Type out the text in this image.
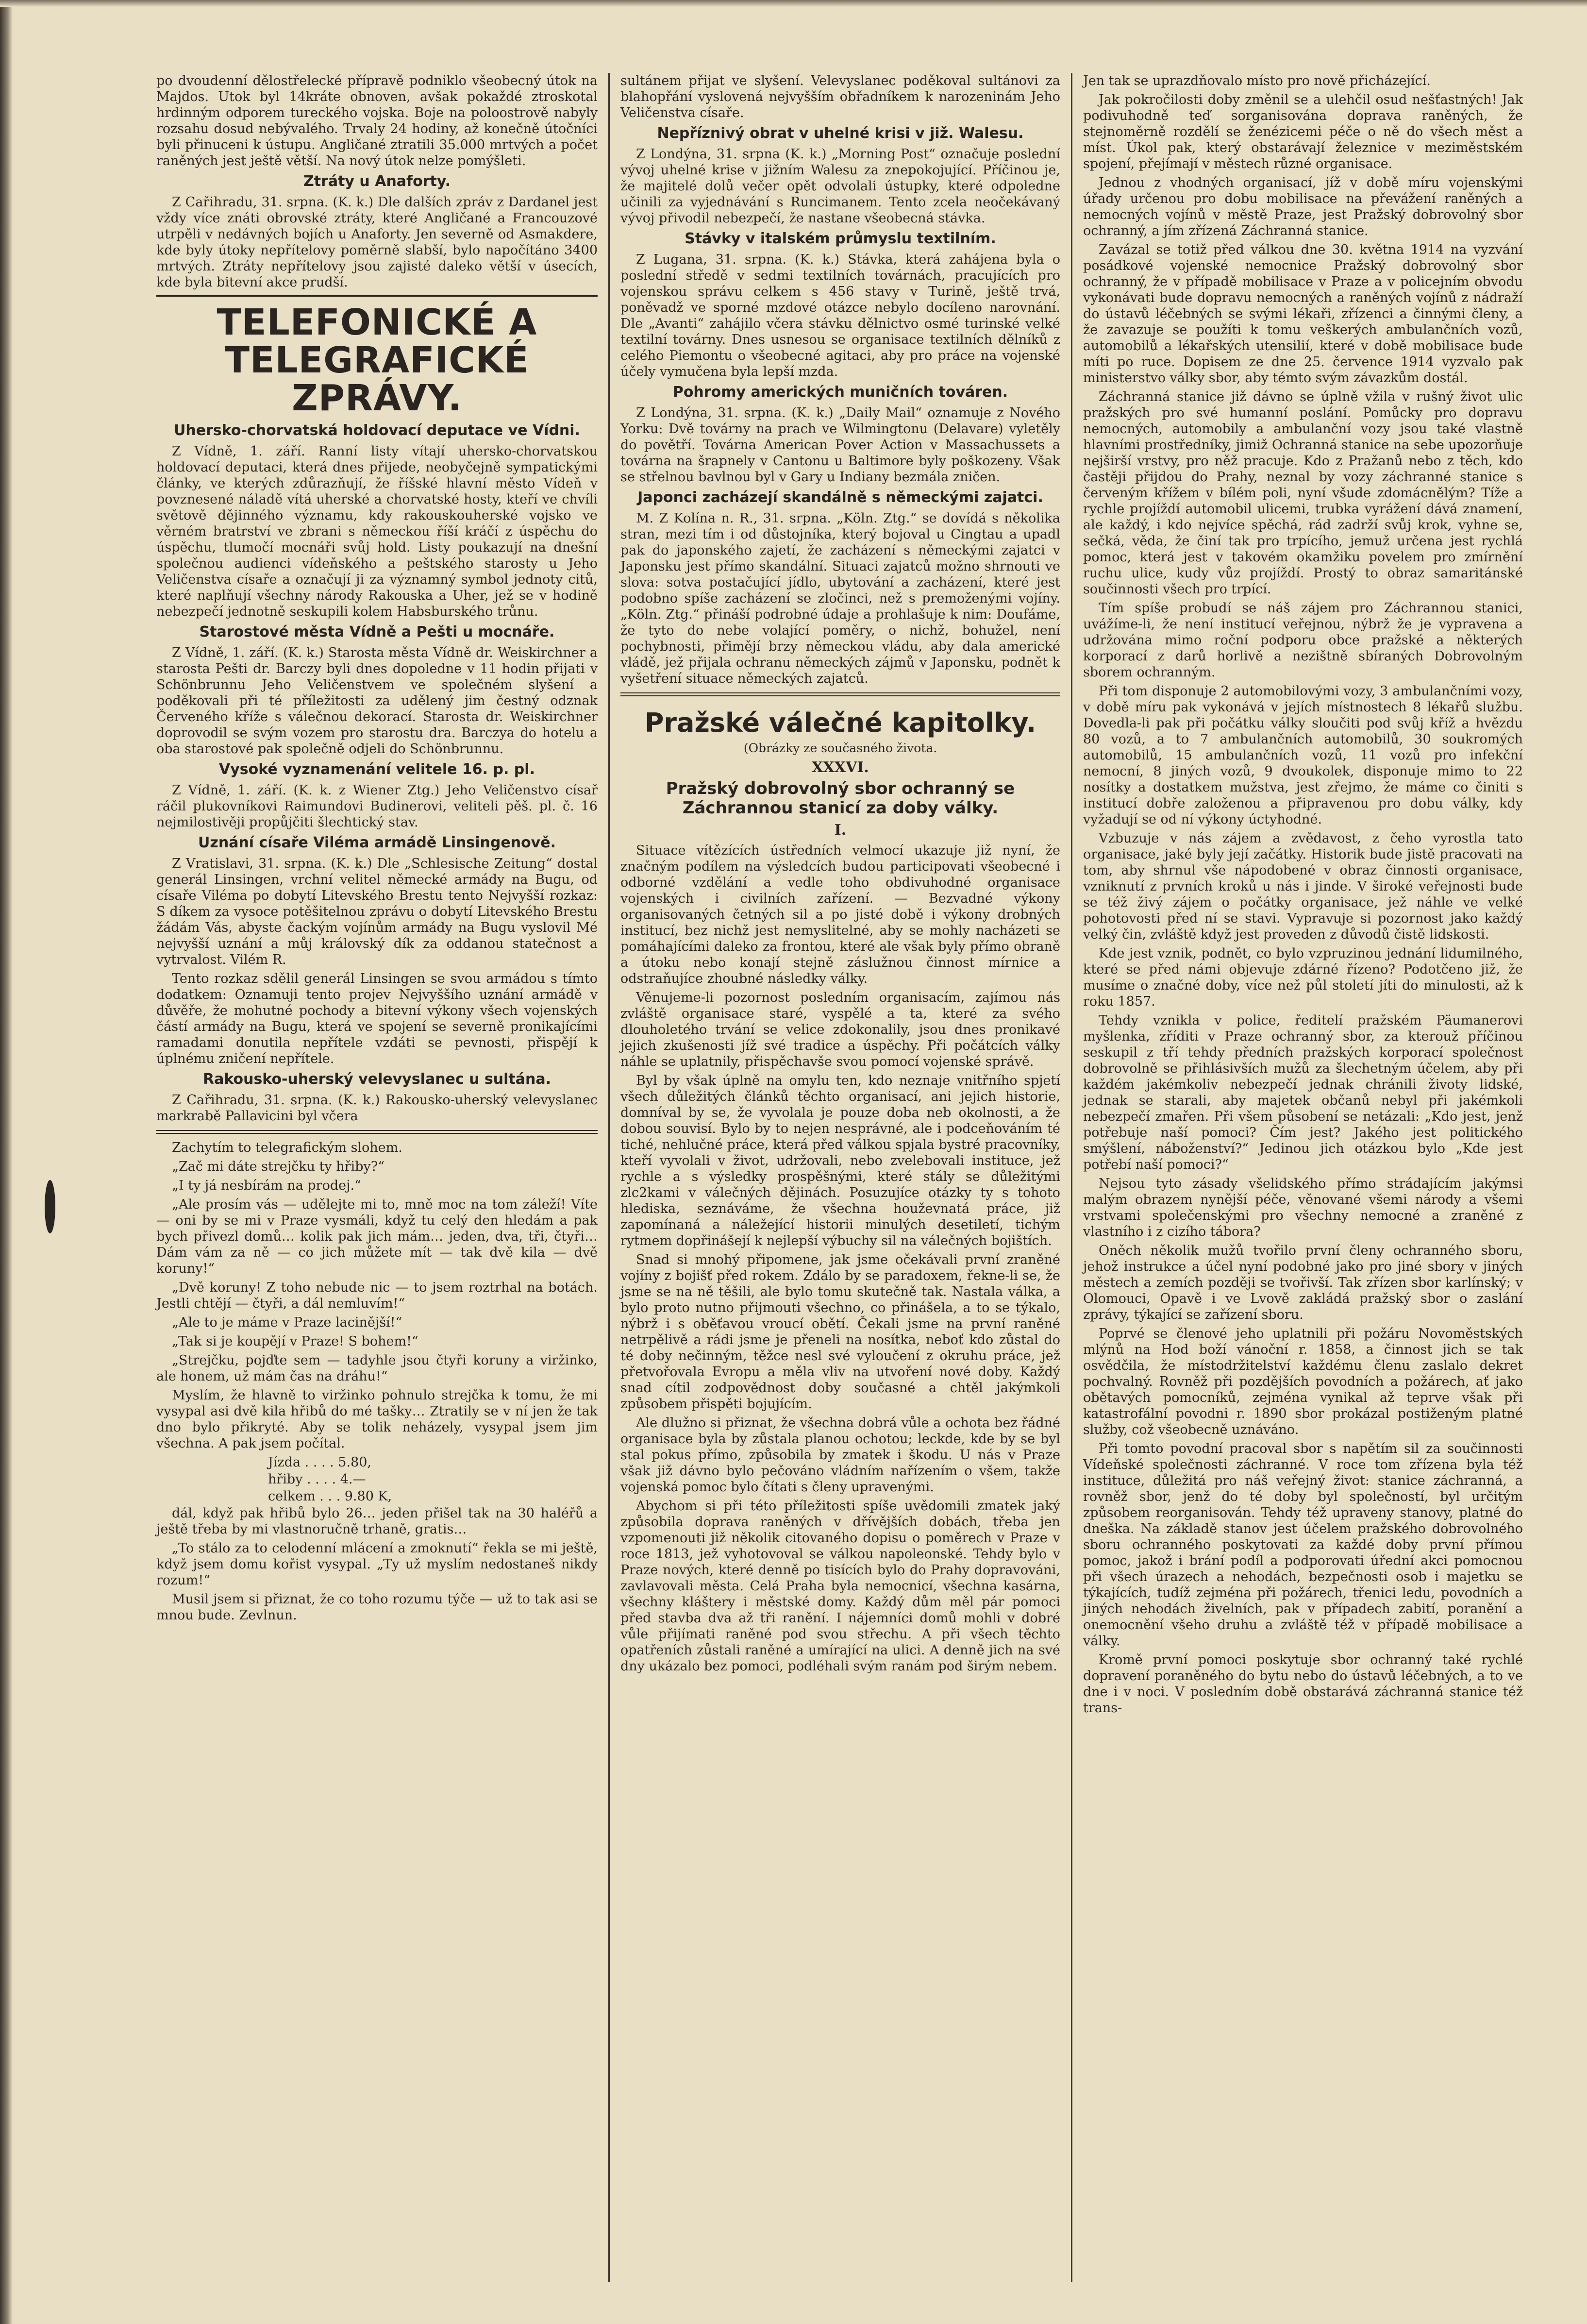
po dvoudenní dělostřelecké přípravě podniklo všeobecný útok na Majdos. Utok byl 14kráte obnoven, avšak pokaždé ztroskotal hrdinným odporem tureckého vojska. Boje na poloostrově nabyly rozsahu dosud nebývalého. Trvaly 24 hodiny, až konečně útočníci byli přinuceni k ústupu. Angličané ztratili 35.000 mrtvých a počet raněných jest ještě větší. Na nový útok nelze pomýšleti.

Ztráty u Anaforty.

Z Cařihradu, 31. srpna. (K. k.) Dle dalších zpráv z Dardanel jest vždy více znáti obrovské ztráty, které Angličané a Francouzové utrpěli v nedávných bojích u Anaforty. Jen severně od Asmakdere, kde byly útoky nepřítelovy poměrně slabší, bylo napočítáno 3400 mrtvých. Ztráty nepřítelovy jsou zajisté daleko větší v úsecích, kde byla bitevní akce prudší.

TELEFONICKÉ A TELEGRAFICKÉ ZPRÁVY.
Uhersko-chorvatská holdovací deputace ve Vídni.

Z Vídně, 1. září. Ranní listy vítají uhersko-chorvatskou holdovací deputaci, která dnes přijede, neobyčejně sympatickými články, ve kterých zdůrazňují, že říšské hlavní město Vídeň v povznesené náladě vítá uherské a chorvatské hosty, kteří ve chvíli světově dějinného významu, kdy rakouskouherské vojsko ve věrném bratrství ve zbrani s německou říší kráčí z úspěchu do úspěchu, tlumočí mocnáři svůj hold. Listy poukazují na dnešní společnou audienci vídeňského a peštského starosty u Jeho Veličenstva císaře a označují ji za významný symbol jednoty citů, které naplňují všechny národy Rakouska a Uher, jež se v hodině nebezpečí jednotně seskupili kolem Habsburského trůnu.

Starostové města Vídně a Pešti u mocnáře.

Z Vídně, 1. září. (K. k.) Starosta města Vídně dr. Weiskirchner a starosta Pešti dr. Barczy byli dnes dopoledne v 11 hodin přijati v Schönbrunnu Jeho Veličenstvem ve společném slyšení a poděkovali při té příležitosti za udělený jim čestný odznak Červeného kříže s válečnou dekorací. Starosta dr. Weiskirchner doprovodil se svým vozem pro starostu dra. Barczya do hotelu a oba starostové pak společně odjeli do Schönbrunnu.

Vysoké vyznamenání velitele 16. p. pl.

Z Vídně, 1. září. (K. k. z Wiener Ztg.) Jeho Veličenstvo císař ráčil plukovníkovi Raimundovi Budinerovi, veliteli pěš. pl. č. 16 nejmilostivěji propůjčiti šlechtický stav.

Uznání císaře Viléma armádě Linsingenově.

Z Vratislavi, 31. srpna. (K. k.) Dle „Schlesische Zeitung“ dostal generál Linsingen, vrchní velitel německé armády na Bugu, od císaře Viléma po dobytí Litevského Brestu tento Nejvyšší rozkaz: S díkem za vysoce potěšitelnou zprávu o dobytí Litevského Brestu žádám Vás, abyste čackým vojínům armády na Bugu vyslovil Mé nejvyšší uznání a můj královský dík za oddanou statečnost a vytrvalost. Vilém R.

Tento rozkaz sdělil generál Linsingen se svou armádou s tímto dodatkem: Oznamuji tento projev Nejvyššího uznání armádě v důvěře, že mohutné pochody a bitevní výkony všech vojenských částí armády na Bugu, která ve spojení se severně pronikajícími ramadami donutila nepřítele vzdáti se pevnosti, přispějí k úplnému zničení nepřítele.

Rakousko-uherský velevyslanec u sultána.

Z Cařihradu, 31. srpna. (K. k.) Rakousko-uherský velevyslanec markrabě Pallavicini byl včera

Zachytím to telegrafickým slohem.

„Zač mi dáte strejčku ty hřiby?“

„I ty já nesbírám na prodej.“

„Ale prosím vás — udělejte mi to, mně moc na tom záleží! Víte — oni by se mi v Praze vysmáli, když tu celý den hledám a pak bych přivezl domů… kolik pak jich mám… jeden, dva, tři, čtyři… Dám vám za ně — co jich můžete mít — tak dvě kila — dvě koruny!“

„Dvě koruny! Z toho nebude nic — to jsem roztrhal na botách. Jestli chtějí — čtyři, a dál nemluvím!“

„Ale to je máme v Praze lacinější!“

„Tak si je koupějí v Praze! S bohem!“

„Strejčku, pojďte sem — tadyhle jsou čtyři koruny a viržinko, ale honem, už mám čas na dráhu!“

Myslím, že hlavně to viržinko pohnulo strejčka k tomu, že mi vysypal asi dvě kila hřibů do mé tašky… Ztratily se v ní jen že tak dno bylo přikryté. Aby se tolik neházely, vysypal jsem jim všechna. A pak jsem počítal.

Jízda . . . . 5.80,
hřiby . . . . 4.—
celkem . . . 9.80 K,

dál, když pak hřibů bylo 26… jeden přišel tak na 30 haléřů a ještě třeba by mi vlastnoručně trhaně, gratis…

„To stálo za to celodenní mlácení a zmoknutí“ řekla se mi ještě, když jsem domu kořist vysypal. „Ty už myslím nedostaneš nikdy rozum!“

Musil jsem si přiznat, že co toho rozumu týče — už to tak asi se mnou bude. Zevlnun.

sultánem přijat ve slyšení. Velevyslanec poděkoval sultánovi za blahopřání vyslovená nejvyšším obřadníkem k narozeninám Jeho Veličenstva císaře.

Nepříznivý obrat v uhelné krisi v již. Walesu.

Z Londýna, 31. srpna (K. k.) „Morning Post“ označuje poslední vývoj uhelné krise v jižním Walesu za znepokojující. Příčinou je, že majitelé dolů večer opět odvolali ústupky, které odpoledne učinili za vyjednávání s Runcimanem. Tento zcela neočekávaný vývoj přivodil nebezpečí, že nastane všeobecná stávka.

Stávky v italském průmyslu textilním.

Z Lugana, 31. srpna. (K. k.) Stávka, která zahájena byla o poslední středě v sedmi textilních továrnách, pracujících pro vojenskou správu celkem s 456 stavy v Turině, ještě trvá, poněvadž ve sporné mzdové otázce nebylo docíleno narovnání. Dle „Avanti“ zahájilo včera stávku dělnictvo osmé turinské velké textilní továrny. Dnes usnesou se organisace textilních dělníků z celého Piemontu o všeobecné agitaci, aby pro práce na vojenské účely vymučena byla lepší mzda.

Pohromy amerických muničních továren.

Z Londýna, 31. srpna. (K. k.) „Daily Mail“ oznamuje z Nového Yorku: Dvě továrny na prach ve Wilmingtonu (Delavare) vyletěly do povětří. Továrna American Pover Action v Massachussets a továrna na šrapnely v Cantonu u Baltimore byly poškozeny. Však se střelnou bavlnou byl v Gary u Indiany bezmála zničen.

Japonci zacházejí skandálně s německými zajatci.

M. Z Kolína n. R., 31. srpna. „Köln. Ztg.“ se dovídá s několika stran, mezi tím i od důstojníka, který bojoval u Cingtau a upadl pak do japonského zajetí, že zacházení s německými zajatci v Japonsku jest přímo skandální. Situaci zajatců možno shrnouti ve slova: sotva postačující jídlo, ubytování a zacházení, které jest podobno spíše zacházení se zločinci, než s premoženými vojíny. „Köln. Ztg.“ přináší podrobné údaje a prohlašuje k nim: Doufáme, že tyto do nebe volající poměry, o nichž, bohužel, není pochybnosti, přimějí brzy německou vládu, aby dala americké vládě, jež přijala ochranu německých zájmů v Japonsku, podnět k vyšetření situace německých zajatců.

Pražské válečné kapitolky.
(Obrázky ze současného života.
XXXVI.
Pražský dobrovolný sbor ochranný se Záchrannou stanicí za doby války.
I.

Situace vítězících ústředních velmocí ukazuje již nyní, že značným podílem na výsledcích budou participovati všeobecné i odborné vzdělání a vedle toho obdivuhodné organisace vojenských i civilních zařízení. — Bezvadné výkony organisovaných četných sil a po jisté době i výkony drobných institucí, bez nichž jest nemyslitelné, aby se mohly nacházeti se pomáhajícími daleko za frontou, které ale však byly přímo obraně a útoku nebo konají stejně záslužnou činnost mírnice a odstraňujíce zhoubné následky války.

Věnujeme-li pozornost posledním organisacím, zajímou nás zvláště organisace staré, vyspělé a ta, které za svého dlouholetého trvání se velice zdokonalily, jsou dnes pronikavé jejich zkušenosti jíž své tradice a úspěchy. Při počátcích války náhle se uplatnily, přispěchavše svou pomocí vojenské správě.

Byl by však úplně na omylu ten, kdo neznaje vnitřního spjetí všech důležitých článků těchto organisací, ani jejich historie, domníval by se, že vyvolala je pouze doba neb okolnosti, a že dobou souvisí. Bylo by to nejen nesprávné, ale i podceňováním té tiché, nehlučné práce, která před válkou spjala bystré pracovníky, kteří vyvolali v život, udržovali, nebo zvelebovali instituce, jež rychle a s výsledky prospěšnými, které stály se důležitými zlc2kami v válečných dějinách. Posuzujíce otázky ty s tohoto hlediska, seznáváme, že všechna houževnatá práce, již zapomínaná a náležející historii minulých desetiletí, tichým rytmem dopřinášejí k nejlepší výbuchy sil na válečných bojištích.

Snad si mnohý připomene, jak jsme očekávali první zraněné vojíny z bojišť před rokem. Zdálo by se paradoxem, řekne-li se, že jsme se na ně těšili, ale bylo tomu skutečně tak. Nastala válka, a bylo proto nutno přijmouti všechno, co přinášela, a to se týkalo, nýbrž i s oběťavou vroucí obětí. Čekali jsme na první raněné netrpělivě a rádi jsme je přeneli na nosítka, neboť kdo zůstal do té doby nečinným, těžce nesl své vyloučení z okruhu práce, jež přetvořovala Evropu a měla vliv na utvoření nové doby. Každý snad cítil zodpovědnost doby současné a chtěl jakýmkoli způsobem přispěti bojujícím.

Ale dlužno si přiznat, že všechna dobrá vůle a ochota bez řádné organisace byla by zůstala planou ochotou; leckde, kde by se byl stal pokus přímo, způsobila by zmatek i škodu. U nás v Praze však již dávno bylo pečováno vládním nařízením o všem, takže vojenská pomoc bylo čítati s členy upravenými.

Abychom si při této příležitosti spíše uvědomili zmatek jaký způsobila doprava raněných v dřívějších dobách, třeba jen vzpomenouti již několik citovaného dopisu o poměrech v Praze v roce 1813, jež vyhotovoval se válkou napoleonské. Tehdy bylo v Praze nových, které denně po tisících bylo do Prahy dopravováni, zavlavovali města. Celá Praha byla nemocnicí, všechna kasárna, všechny kláštery i městské domy. Každý dům měl pár pomoci před stavba dva až tři ranění. I nájemníci domů mohli v dobré vůle přijímati raněné pod svou střechu. A při všech těchto opatřeních zůstali raněné a umírající na ulici. A denně jich na své dny ukázalo bez pomoci, podléhali svým ranám pod širým nebem.

Jen tak se uprazdňovalo místo pro nově přicházející.

Jak pokročilosti doby změnil se a ulehčil osud nešťastných! Jak podivuhodně teď sorganisována doprava raněných, že stejnoměrně rozdělí se ženézicemi péče o ně do všech měst a míst. Úkol pak, který obstarávají železnice v meziměstském spojení, přejímají v městech různé organisace.

Jednou z vhodných organisací, jíž v době míru vojenskými úřady určenou pro dobu mobilisace na převážení raněných a nemocných vojínů v městě Praze, jest Pražský dobrovolný sbor ochranný, a jím zřízená Záchranná stanice.

Zavázal se totiž před válkou dne 30. května 1914 na vyzvání posádkové vojenské nemocnice Pražský dobrovolný sbor ochranný, že v případě mobilisace v Praze a v policejním obvodu vykonávati bude dopravu nemocných a raněných vojínů z nádraží do ústavů léčebných se svými lékaři, zřízenci a činnými členy, a že zavazuje se použíti k tomu veškerých ambulančních vozů, automobilů a lékařských utensilií, které v době mobilisace bude míti po ruce. Dopisem ze dne 25. července 1914 vyzvalo pak ministerstvo války sbor, aby témto svým závazkům dostál.

Záchranná stanice již dávno se úplně vžila v rušný život ulic pražských pro své humanní poslání. Pomůcky pro dopravu nemocných, automobily a ambulanční vozy jsou také vlastně hlavními prostředníky, jimiž Ochranná stanice na sebe upozorňuje nejširší vrstvy, pro něž pracuje. Kdo z Pražanů nebo z těch, kdo častěji přijdou do Prahy, neznal by vozy záchranné stanice s červeným křížem v bílém poli, nyní všude zdomácnělým? Tíže a rychle projíždí automobil ulicemi, trubka vyrážení dává znamení, ale každý, i kdo nejvíce spěchá, rád zadrží svůj krok, vyhne se, sečká, věda, že činí tak pro trpícího, jemuž určena jest rychlá pomoc, která jest v takovém okamžiku povelem pro zmírnění ruchu ulice, kudy vůz projíždí. Prostý to obraz samaritánské součinnosti všech pro trpící.

Tím spíše probudí se náš zájem pro Záchrannou stanici, uvážíme-li, že není institucí veřejnou, nýbrž že je vypravena a udržována mimo roční podporu obce pražské a některých korporací z darů horlivě a nezištně sbíraných Dobrovolným sborem ochranným.

Při tom disponuje 2 automobilovými vozy, 3 ambulančními vozy, v době míru pak vykonává v jejích místnostech 8 lékařů službu. Dovedla-li pak při počátku války sloučiti pod svůj kříž a hvězdu 80 vozů, a to 7 ambulančních automobilů, 30 soukromých automobilů, 15 ambulančních vozů, 11 vozů pro infekční nemocní, 8 jiných vozů, 9 dvoukolek, disponuje mimo to 22 nosítky a dostatkem mužstva, jest zřejmo, že máme co činiti s institucí dobře založenou a připravenou pro dobu války, kdy vyžadují se od ní výkony úctyhodné.

Vzbuzuje v nás zájem a zvědavost, z čeho vyrostla tato organisace, jaké byly její začátky. Historik bude jistě pracovati na tom, aby shrnul vše nápodobené v obraz činnosti organisace, vzniknutí z prvních kroků u nás i jinde. V široké veřejnosti bude se též živý zájem o počátky organisace, jež náhle ve velké pohotovosti před ní se stavi. Vypravuje si pozornost jako každý velký čin, zvláště když jest proveden z důvodů čistě lidskosti.

Kde jest vznik, podnět, co bylo vzpruzinou jednání lidumilného, které se před námi objevuje zdárné řízeno? Podotčeno již, že musíme o značné doby, více než půl století jíti do minulosti, až k roku 1857.

Tehdy vznikla v police, ředitelí pražském Päumanerovi myšlenka, zříditi v Praze ochranný sbor, za kterouž příčinou seskupil z tří tehdy předních pražských korporací společnost dobrovolně se přihlásivších mužů za šlechetným účelem, aby při každém jakémkoliv nebezpečí jednak chránili životy lidské, jednak se starali, aby majetek občanů nebyl při jakémkoli nebezpečí zmařen. Při všem působení se netázali: „Kdo jest, jenž potřebuje naší pomoci? Čím jest? Jakého jest politického smýšlení, náboženství?“ Jedinou jich otázkou bylo „Kde jest potřebí naší pomoci?“

Nejsou tyto zásady všelidského přímo strádajícím jakýmsi malým obrazem nynější péče, věnované všemi národy a všemi vrstvami společenskými pro všechny nemocné a zraněné z vlastního i z cizího tábora?

Oněch několik mužů tvořilo první členy ochranného sboru, jehož instrukce a účel nyní podobné jako pro jiné sbory v jiných městech a zemích později se tvořivší. Tak zřízen sbor karlínský; v Olomouci, Opavě i ve Lvově zakládá pražský sbor o zaslání zprávy, týkající se zařízení sboru.

Poprvé se členové jeho uplatnili při požáru Novoměstských mlýnů na Hod boží vánoční r. 1858, a činnost jich se tak osvědčila, že místodržitelství každému členu zaslalo dekret pochvalný. Rovněž při pozdějších povodních a požárech, ať jako obětavých pomocníků, zejména vynikal až teprve však při katastrofální povodni r. 1890 sbor prokázal postiženým platné služby, což všeobecně uznáváno.

Při tomto povodní pracoval sbor s napětím sil za součinnosti Vídeňské společnosti záchranné. V roce tom zřízena byla též instituce, důležitá pro náš veřejný život: stanice záchranná, a rovněž sbor, jenž do té doby byl společností, byl určitým způsobem reorganisován. Tehdy též upraveny stanovy, platné do dneška. Na základě stanov jest účelem pražského dobrovolného sboru ochranného poskytovati za každé doby první přímou pomoc, jakož i brání podíl a podporovati úřední akci pomocnou při všech úrazech a nehodách, bezpečnosti osob i majetku se týkajících, tudíž zejména při požárech, třenici ledu, povodních a jiných nehodách živelních, pak v případech zabití, poranění a onemocnění všeho druhu a zvláště též v případě mobilisace a války.

Kromě první pomoci poskytuje sbor ochranný také rychlé dopravení poraněného do bytu nebo do ústavů léčebných, a to ve dne i v noci. V posledním době obstarává záchranná stanice též trans-
